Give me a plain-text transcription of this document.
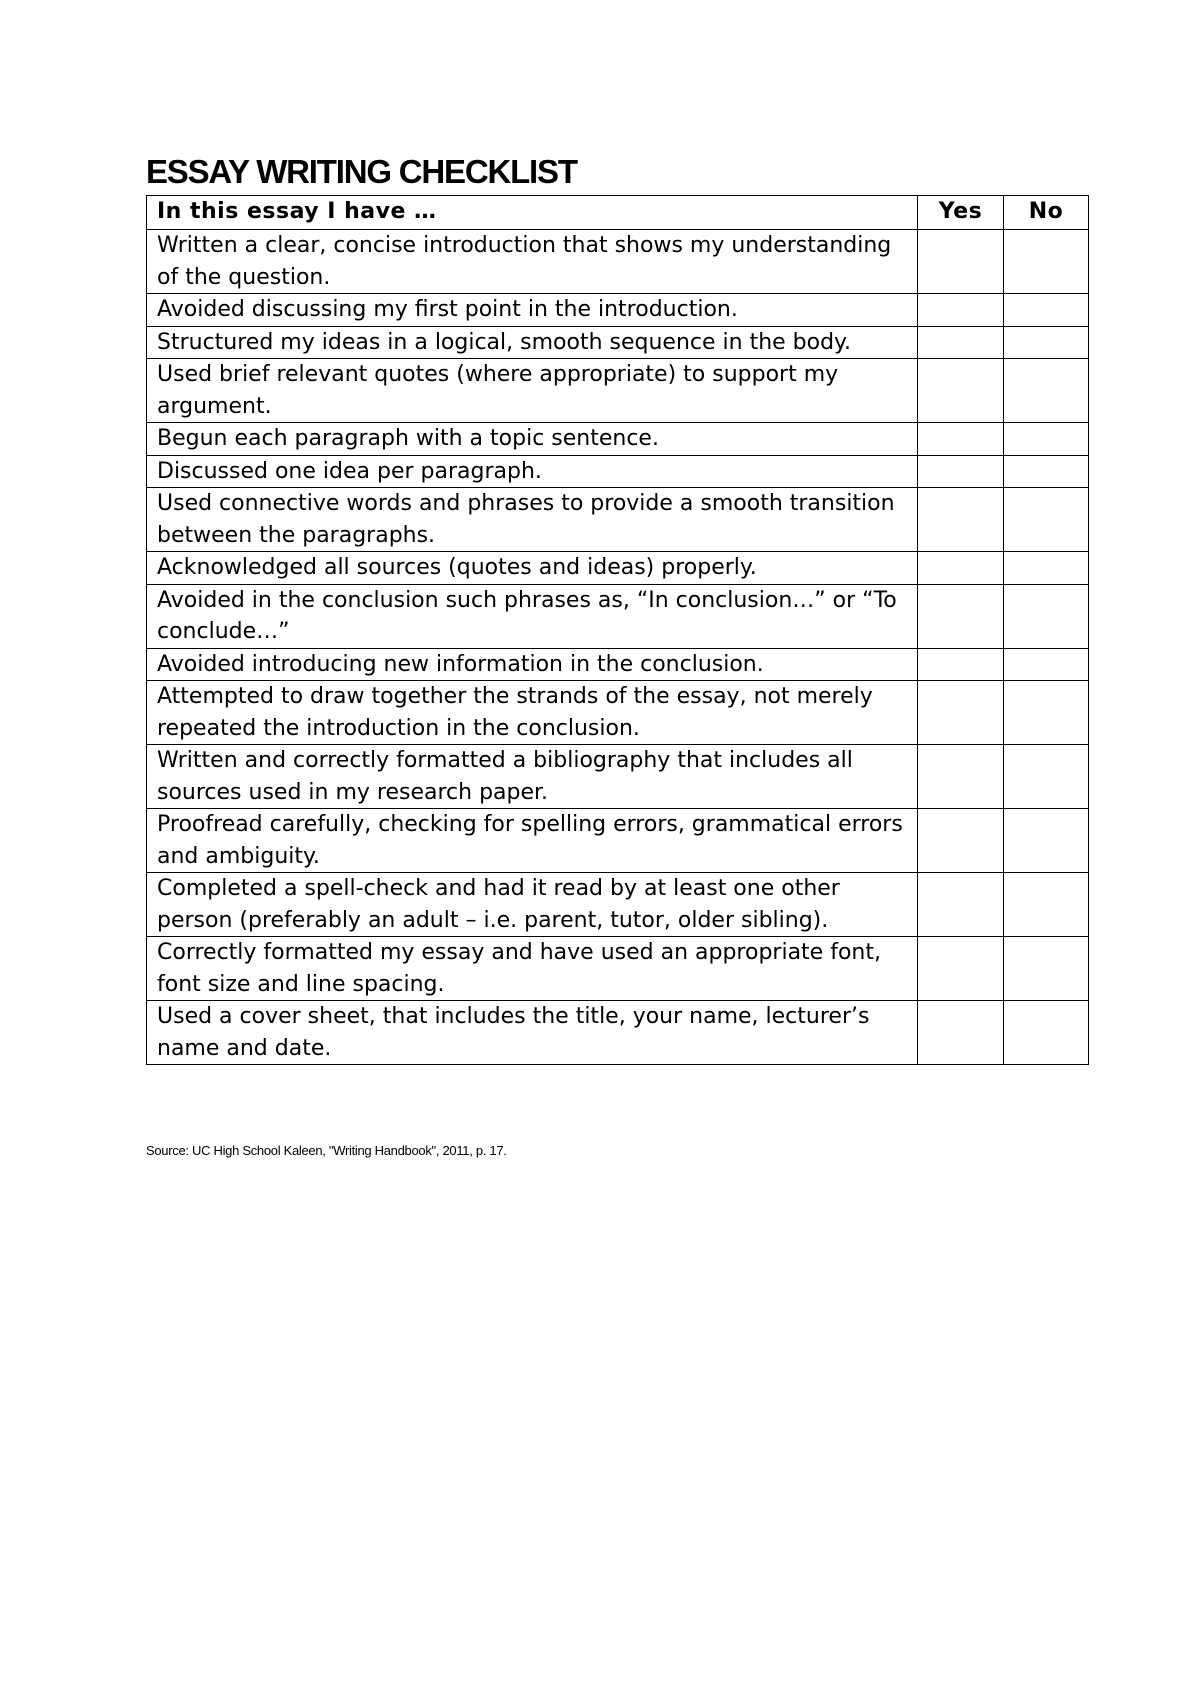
ESSAY WRITING CHECKLIST
In this essay I have …	Yes	No
Written a clear, concise introduction that shows my understanding of the question.		
Avoided discussing my first point in the introduction.		
Structured my ideas in a logical, smooth sequence in the body.		
Used brief relevant quotes (where appropriate) to support my argument.		
Begun each paragraph with a topic sentence.		
Discussed one idea per paragraph.		
Used connective words and phrases to provide a smooth transition between the paragraphs.		
Acknowledged all sources (quotes and ideas) properly.		
Avoided in the conclusion such phrases as, “In conclusion…” or “To conclude…”		
Avoided introducing new information in the conclusion.		
Attempted to draw together the strands of the essay, not merely repeated the introduction in the conclusion.		
Written and correctly formatted a bibliography that includes all sources used in my research paper.		
Proofread carefully, checking for spelling errors, grammatical errors and ambiguity.		
Completed a spell-check and had it read by at least one other person (preferably an adult – i.e. parent, tutor, older sibling).		
Correctly formatted my essay and have used an appropriate font, font size and line spacing.		
Used a cover sheet, that includes the title, your name, lecturer’s name and date.		

Source: UC High School Kaleen, "Writing Handbook", 2011, p. 17.
